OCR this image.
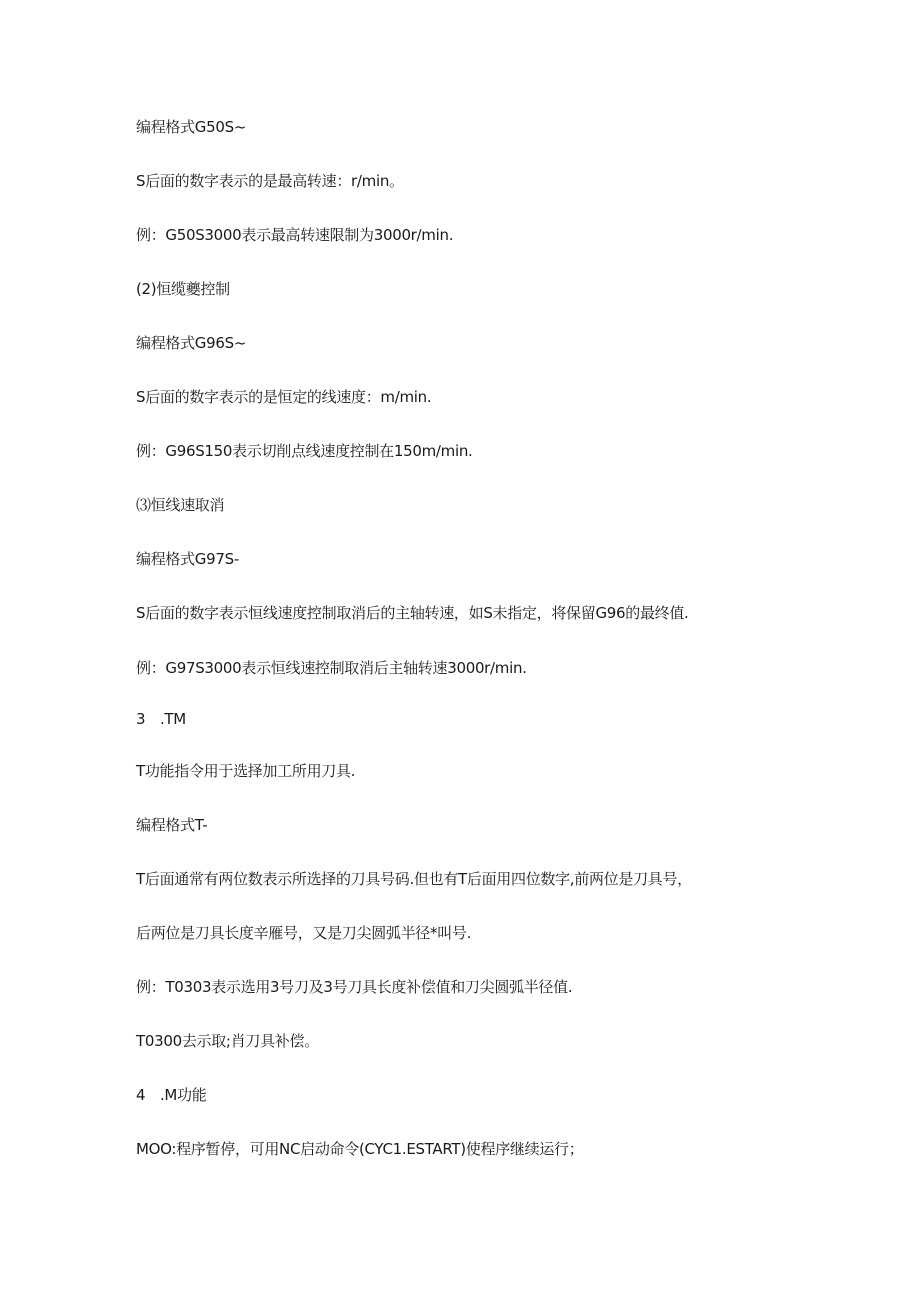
编程格式G50S~
S后面的数字表示的是最高转速：r/min。
例：G50S3000表示最高转速限制为3000r∕min.
(2)恒缆夔控制
编程格式G96S~
S后面的数字表示的是恒定的线速度：m/min.
例：G96S150表示切削点线速度控制在150m∕min.
⑶恒线速取消
编程格式G97S-
S后面的数字表示恒线速度控制取消后的主轴转速，如S未指定，将保留G96的最终值.
例：G97S3000表示恒线速控制取消后主轴转速3000r∕min.
3　.TM
T功能指令用于选择加工所用刀具.
编程格式T-
T后面通常有两位数表示所选择的刀具号码.但也有T后面用四位数字,前两位是刀具号，
后两位是刀具长度辛雁号，又是刀尖圆弧半径*叫号.
例：T0303表示选用3号刀及3号刀具长度补偿值和刀尖圆弧半径值.
T0300去示取;肖刀具补偿。
4　.M功能
MOO:程序暂停，可用NC启动命令(CYC1.ESTART)使程序继续运行；
